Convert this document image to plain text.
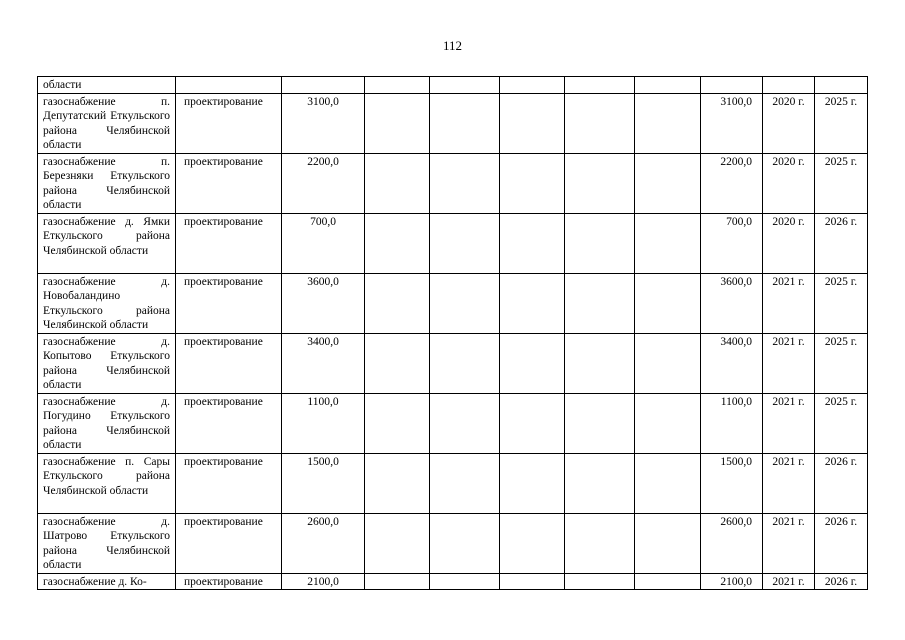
112
области										
газоснабжение п. Депутатский Еткульского района Челябинской области	проектирование	3100,0						3100,0	2020 г.	2025 г.
газоснабжение п. Березняки Еткульского района Челябинской области	проектирование	2200,0						2200,0	2020 г.	2025 г.
газоснабжение д. Ямки Еткульского района Челябинской области	проектирование	700,0						700,0	2020 г.	2026 г.
газоснабжение д. Новобаландино Еткульского района Челябинской области	проектирование	3600,0						3600,0	2021 г.	2025 г.
газоснабжение д. Копытово Еткульского района Челябинской области	проектирование	3400,0						3400,0	2021 г.	2025 г.
газоснабжение д. Погудино Еткульского района Челябинской области	проектирование	1100,0						1100,0	2021 г.	2025 г.
газоснабжение п. Сары Еткульского района Челябинской области	проектирование	1500,0						1500,0	2021 г.	2026 г.
газоснабжение д. Шатрово Еткульского района Челябинской области	проектирование	2600,0						2600,0	2021 г.	2026 г.
газоснабжение д. Ко-	проектирование	2100,0						2100,0	2021 г.	2026 г.
